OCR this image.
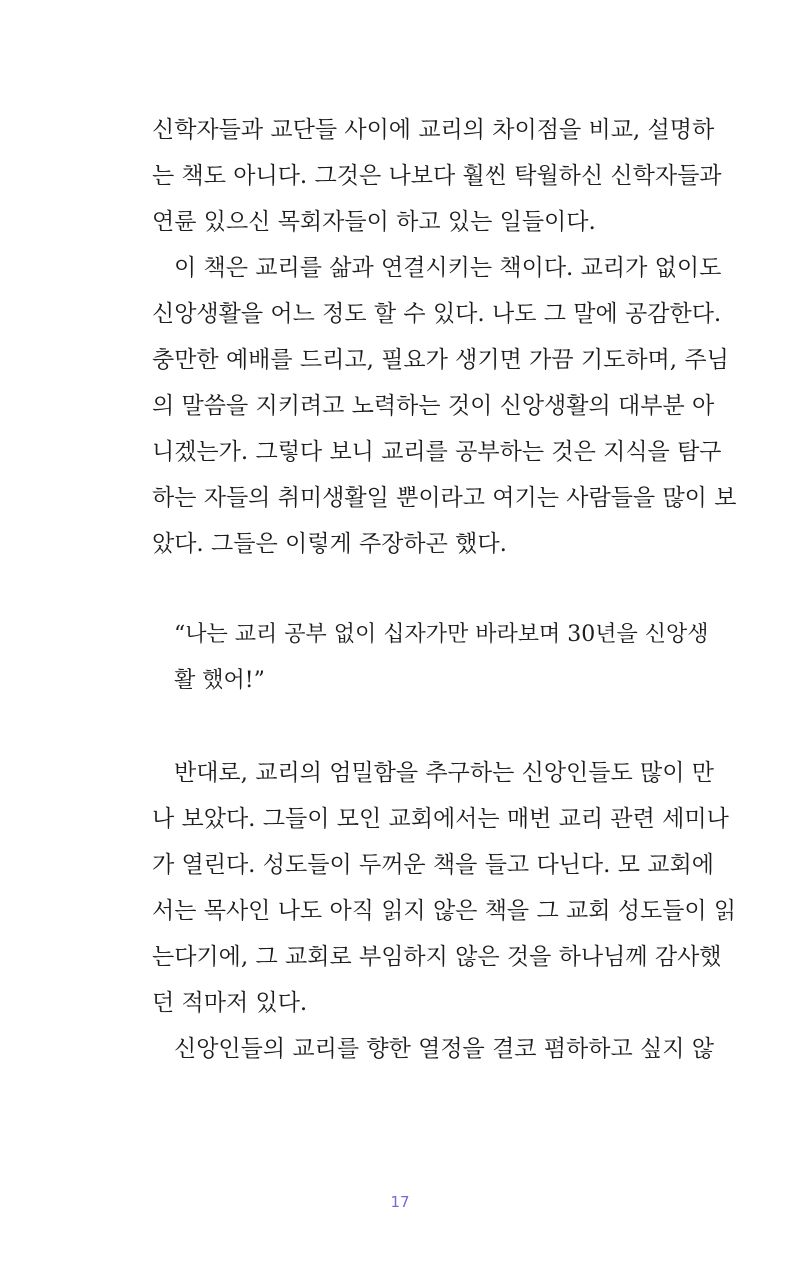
신학자들과 교단들 사이에 교리의 차이점을 비교, 설명하
는 책도 아니다. 그것은 나보다 훨씬 탁월하신 신학자들과
연륜 있으신 목회자들이 하고 있는 일들이다.
이 책은 교리를 삶과 연결시키는 책이다. 교리가 없이도
신앙생활을 어느 정도 할 수 있다. 나도 그 말에 공감한다.
충만한 예배를 드리고, 필요가 생기면 가끔 기도하며, 주님
의 말씀을 지키려고 노력하는 것이 신앙생활의 대부분 아
니겠는가. 그렇다 보니 교리를 공부하는 것은 지식을 탐구
하는 자들의 취미생활일 뿐이라고 여기는 사람들을 많이 보
았다. 그들은 이렇게 주장하곤 했다.
“나는 교리 공부 없이 십자가만 바라보며 30년을 신앙생
활 했어!”
반대로, 교리의 엄밀함을 추구하는 신앙인들도 많이 만
나 보았다. 그들이 모인 교회에서는 매번 교리 관련 세미나
가 열린다. 성도들이 두꺼운 책을 들고 다닌다. 모 교회에
서는 목사인 나도 아직 읽지 않은 책을 그 교회 성도들이 읽
는다기에, 그 교회로 부임하지 않은 것을 하나님께 감사했
던 적마저 있다.
신앙인들의 교리를 향한 열정을 결코 폄하하고 싶지 않
17
